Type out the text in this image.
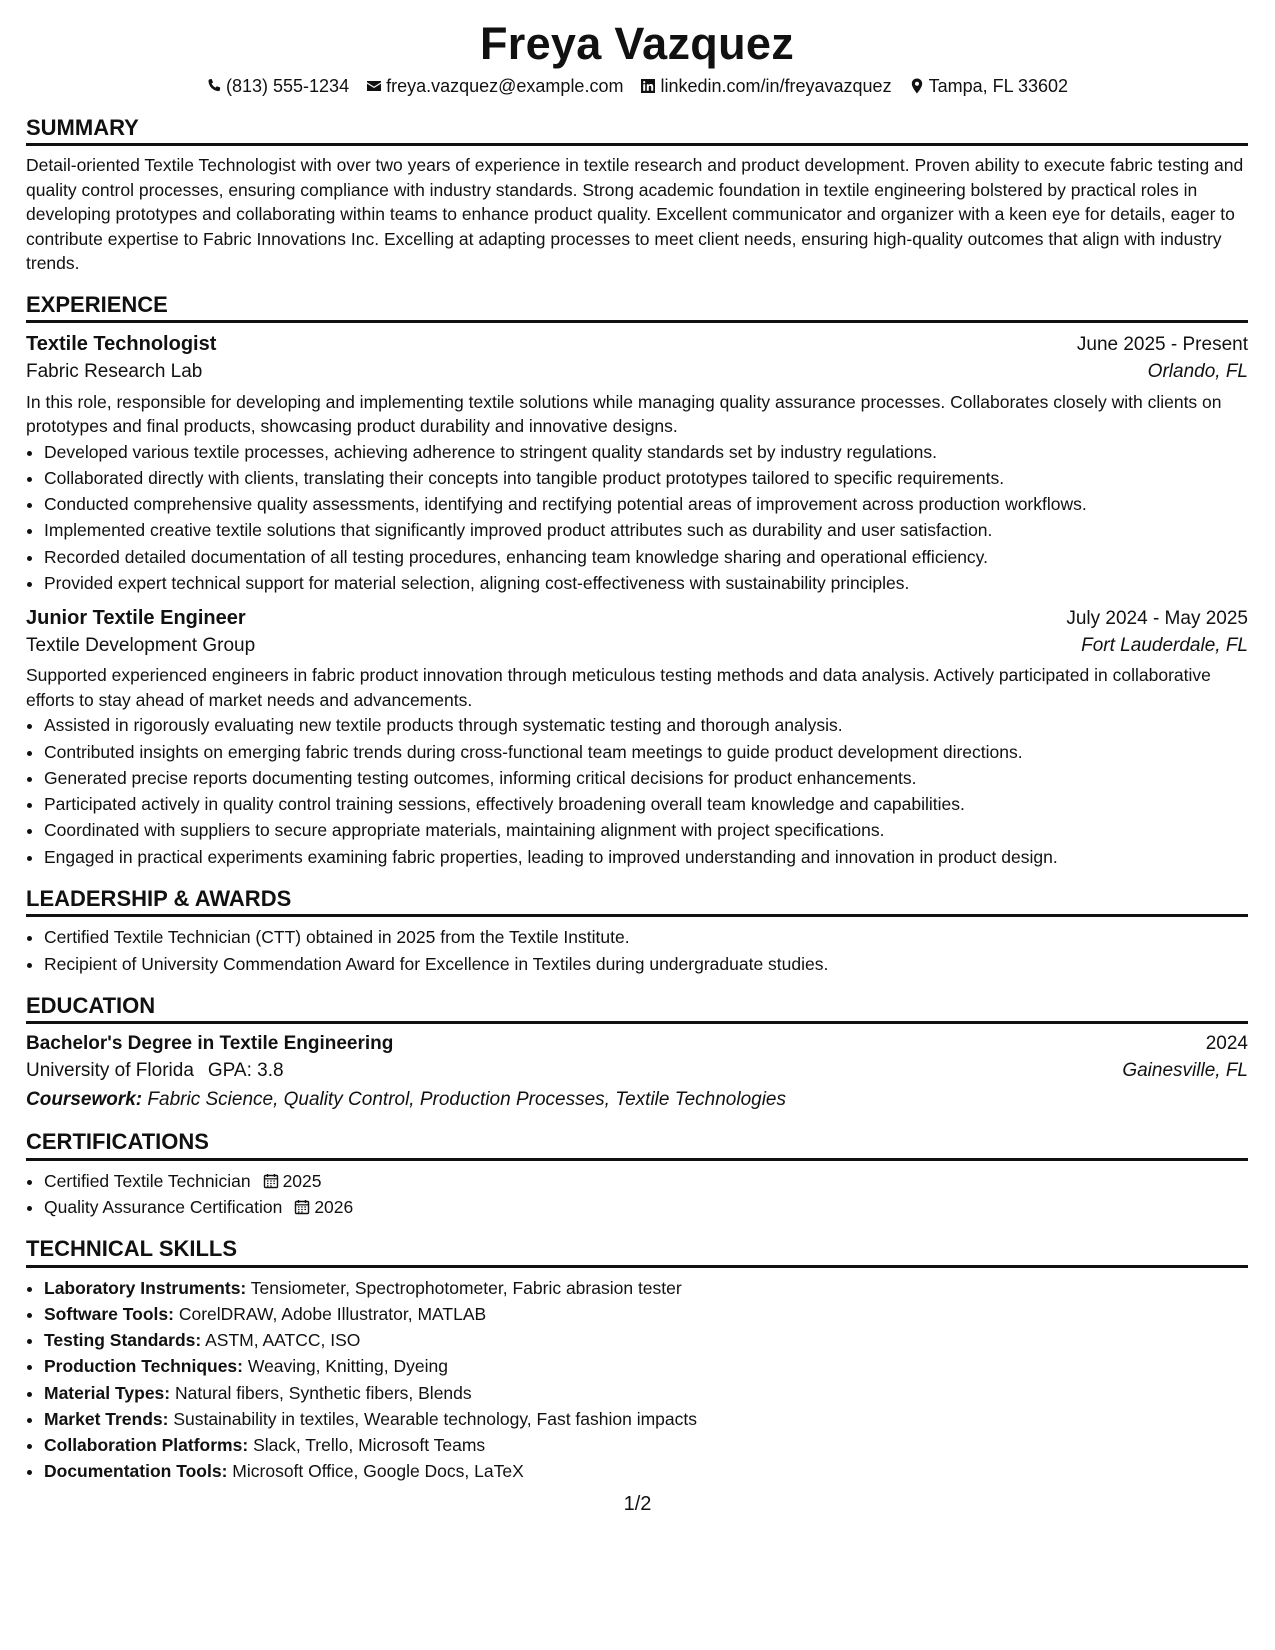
Freya Vazquez
(813) 555-1234 freya.vazquez@example.com linkedin.com/in/freyavazquez Tampa, FL 33602
SUMMARY

Detail-oriented Textile Technologist with over two years of experience in textile research and product development. Proven ability to execute fabric testing and quality control processes, ensuring compliance with industry standards. Strong academic foundation in textile engineering bolstered by practical roles in developing prototypes and collaborating within teams to enhance product quality. Excellent communicator and organizer with a keen eye for details, eager to contribute expertise to Fabric Innovations Inc. Excelling at adapting processes to meet client needs, ensuring high-quality outcomes that align with industry trends.

EXPERIENCE
Textile Technologist	June 2025 - Present
Fabric Research Lab	Orlando, FL

In this role, responsible for developing and implementing textile solutions while managing quality assurance processes. Collaborates closely with clients on prototypes and final products, showcasing product durability and innovative designs.

• Developed various textile processes, achieving adherence to stringent quality standards set by industry regulations.
• Collaborated directly with clients, translating their concepts into tangible product prototypes tailored to specific requirements.
• Conducted comprehensive quality assessments, identifying and rectifying potential areas of improvement across production workflows.
• Implemented creative textile solutions that significantly improved product attributes such as durability and user satisfaction.
• Recorded detailed documentation of all testing procedures, enhancing team knowledge sharing and operational efficiency.
• Provided expert technical support for material selection, aligning cost-effectiveness with sustainability principles.
Junior Textile Engineer	July 2024 - May 2025
Textile Development Group	Fort Lauderdale, FL

Supported experienced engineers in fabric product innovation through meticulous testing methods and data analysis. Actively participated in collaborative efforts to stay ahead of market needs and advancements.

• Assisted in rigorously evaluating new textile products through systematic testing and thorough analysis.
• Contributed insights on emerging fabric trends during cross-functional team meetings to guide product development directions.
• Generated precise reports documenting testing outcomes, informing critical decisions for product enhancements.
• Participated actively in quality control training sessions, effectively broadening overall team knowledge and capabilities.
• Coordinated with suppliers to secure appropriate materials, maintaining alignment with project specifications.
• Engaged in practical experiments examining fabric properties, leading to improved understanding and innovation in product design.
LEADERSHIP & AWARDS
• Certified Textile Technician (CTT) obtained in 2025 from the Textile Institute.
• Recipient of University Commendation Award for Excellence in Textiles during undergraduate studies.
EDUCATION
Bachelor's Degree in Textile Engineering	2024
University of Florida GPA: 3.8	Gainesville, FL
Coursework: Fabric Science, Quality Control, Production Processes, Textile Technologies
CERTIFICATIONS
• Certified Textile Technician 2025
• Quality Assurance Certification 2026
TECHNICAL SKILLS
• Laboratory Instruments: Tensiometer, Spectrophotometer, Fabric abrasion tester
• Software Tools: CorelDRAW, Adobe Illustrator, MATLAB
• Testing Standards: ASTM, AATCC, ISO
• Production Techniques: Weaving, Knitting, Dyeing
• Material Types: Natural fibers, Synthetic fibers, Blends
• Market Trends: Sustainability in textiles, Wearable technology, Fast fashion impacts
• Collaboration Platforms: Slack, Trello, Microsoft Teams
• Documentation Tools: Microsoft Office, Google Docs, LaTeX
1/2
